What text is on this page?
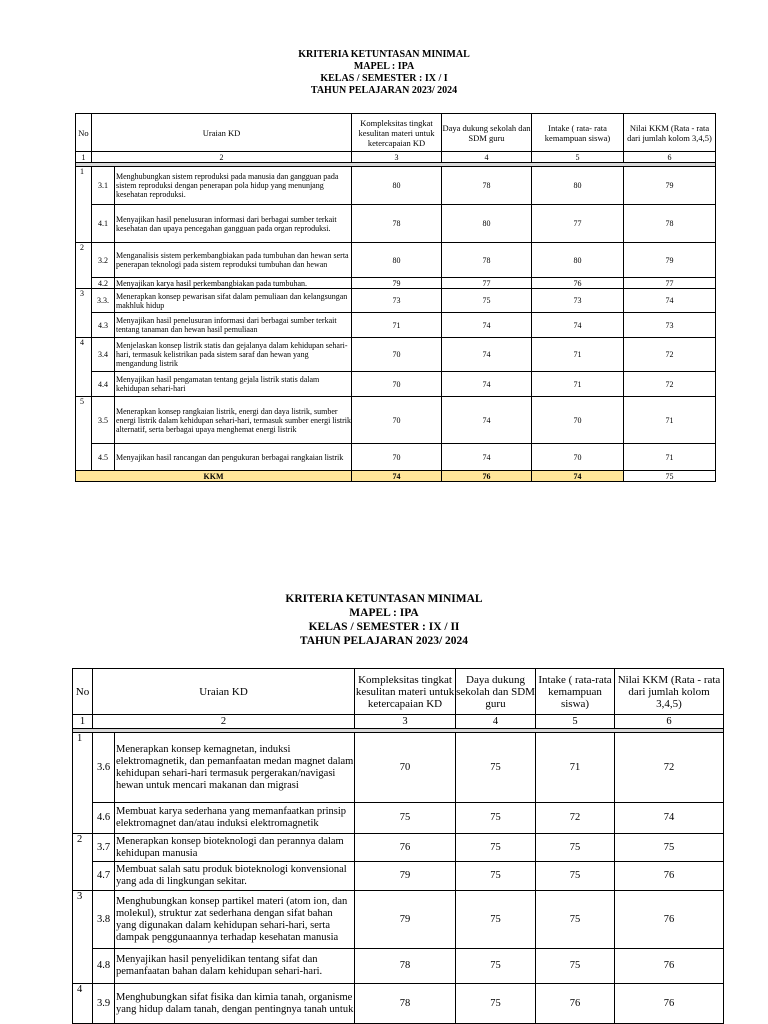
KRITERIA KETUNTASAN MINIMAL
MAPEL : IPA
KELAS / SEMESTER : IX / I
TAHUN PELAJARAN 2023/ 2024
No	Uraian KD		Kompleksitas tingkat kesulitan materi untuk ketercapaian KD	Daya dukung sekolah dan SDM guru	Intake ( rata- rata kemampuan siswa)	Nilai KKM (Rata - rata dari jumlah kolom 3,4,5)
1	2		3	4	5	6

1	3.1	Menghubungkan sistem reproduksi pada manusia dan gangguan pada sistem reproduksi dengan penerapan pola hidup yang menunjang kesehatan reproduksi.	80	78	80	79
	4.1	Menyajikan hasil penelusuran informasi dari berbagai sumber terkait kesehatan dan upaya pencegahan gangguan pada organ reproduksi.	78	80	77	78
2	3.2	Menganalisis sistem perkembangbiakan pada tumbuhan dan hewan serta penerapan teknologi pada sistem reproduksi tumbuhan dan hewan	80	78	80	79
	4.2	Menyajikan karya hasil perkembangbiakan pada tumbuhan.	79	77	76	77
3	3.3.	Menerapkan konsep pewarisan sifat dalam pemuliaan dan kelangsungan makhluk hidup	73	75	73	74
	4.3	Menyajikan hasil penelusuran informasi dari berbagai sumber terkait tentang tanaman dan hewan hasil pemuliaan	71	74	74	73
4	3.4	Menjelaskan konsep listrik statis dan gejalanya dalam kehidupan sehari-hari, termasuk kelistrikan pada sistem saraf dan hewan yang mengandung listrik	70	74	71	72
	4.4	Menyajikan hasil pengamatan tentang gejala listrik statis dalam kehidupan sehari-hari	70	74	71	72
5	3.5	Menerapkan konsep rangkaian listrik, energi dan daya listrik, sumber energi listrik dalam kehidupan sehari-hari, termasuk sumber energi listrik alternatif, serta berbagai upaya menghemat energi listrik	70	74	70	71
	4.5	Menyajikan hasil rancangan dan pengukuran berbagai rangkaian listrik	70	74	70	71
KKM			74	76	74	75
KRITERIA KETUNTASAN MINIMAL
MAPEL : IPA
KELAS / SEMESTER : IX / II
TAHUN PELAJARAN 2023/ 2024
No	Uraian KD		Kompleksitas tingkat kesulitan materi untuk ketercapaian KD	Daya dukung sekolah dan SDM guru	Intake ( rata-rata kemampuan siswa)	Nilai KKM (Rata - rata dari jumlah kolom 3,4,5)
1	2		3	4	5	6

1	3.6	Menerapkan konsep kemagnetan, induksi elektromagnetik, dan pemanfaatan medan magnet dalam kehidupan sehari-hari termasuk pergerakan/navigasi hewan untuk mencari makanan dan migrasi	70	75	71	72
	4.6	Membuat karya sederhana yang memanfaatkan prinsip elektromagnet dan/atau induksi elektromagnetik	75	75	72	74
2	3.7	Menerapkan konsep bioteknologi dan perannya dalam kehidupan manusia	76	75	75	75
	4.7	Membuat salah satu produk bioteknologi konvensional yang ada di lingkungan sekitar.	79	75	75	76
3	3.8	Menghubungkan konsep partikel materi (atom ion, dan molekul), struktur zat sederhana dengan sifat bahan yang digunakan dalam kehidupan sehari-hari, serta dampak penggunaannya terhadap kesehatan manusia	79	75	75	76
	4.8	Menyajikan hasil penyelidikan tentang sifat dan pemanfaatan bahan dalam kehidupan sehari-hari.	78	75	75	76
4	3.9	Menghubungkan sifat fisika dan kimia tanah, organisme yang hidup dalam tanah, dengan pentingnya tanah untuk	78	75	76	76
